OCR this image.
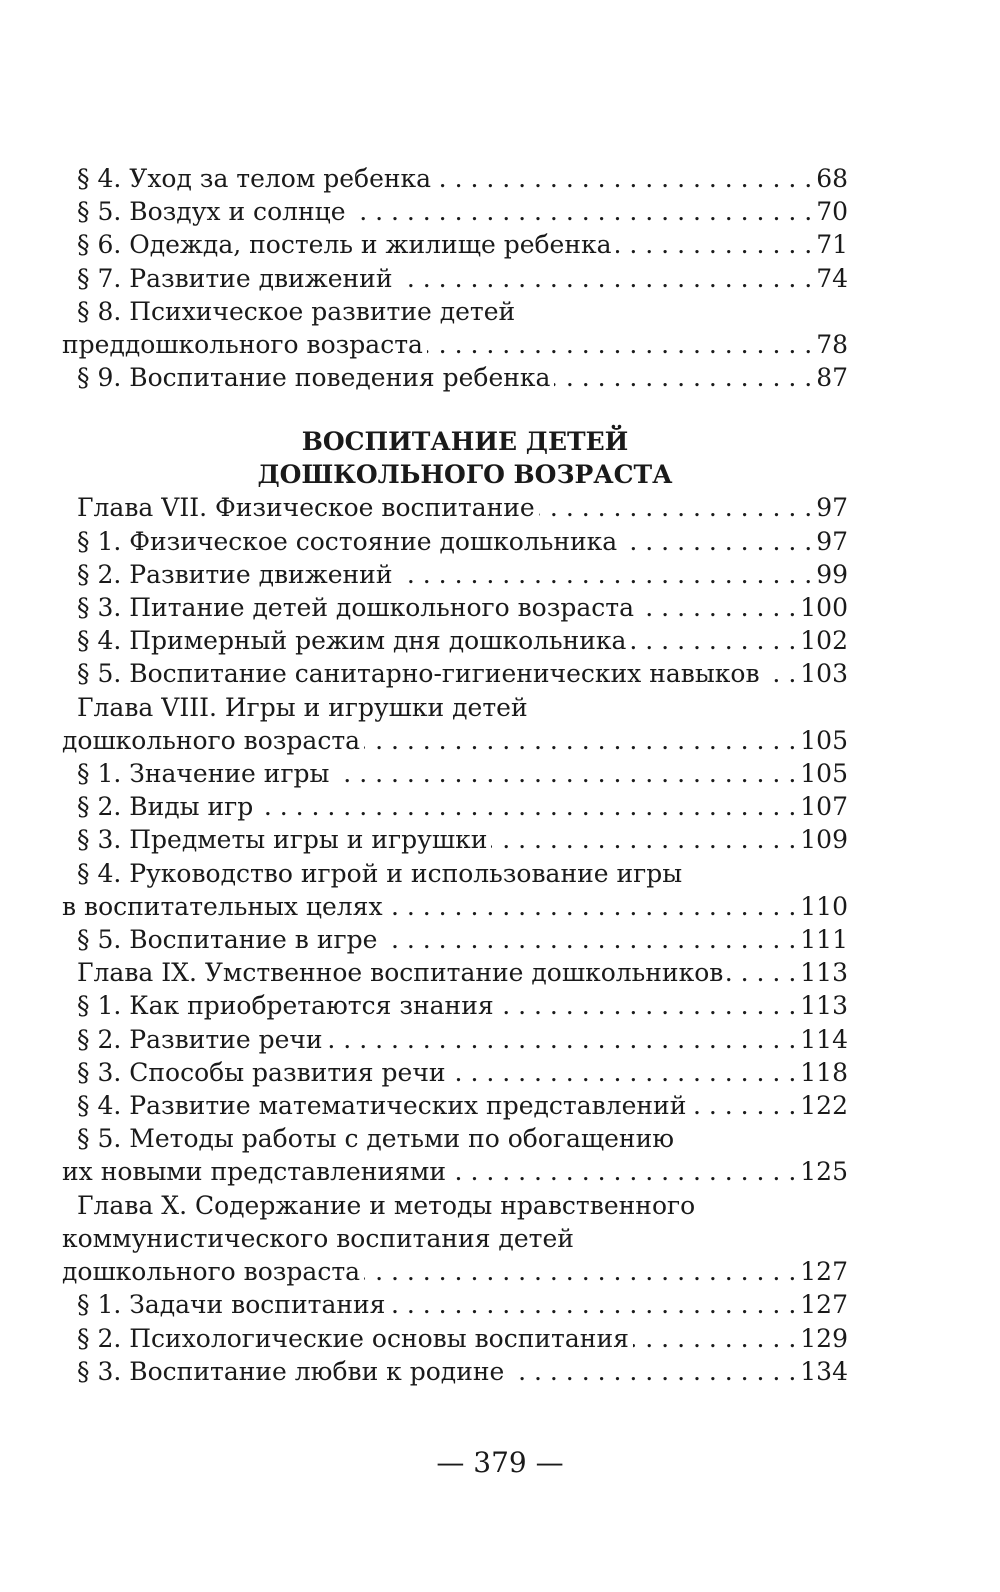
§ 4. Уход за телом ребенка . . .	68
§ 5. Воздух и солнце . . .	70
§ 6. Одежда, постель и жилище ребенка . . .	71
§ 7. Развитие движений . . .	74
§ 8. Психическое развитие детей
преддошкольного возраста . . .	78
§ 9. Воспитание поведения ребенка . . .	87
ВОСПИТАНИЕ ДЕТЕЙ
ДОШКОЛЬНОГО ВОЗРАСТА
Глава VII. Физическое воспитание . . .	97
§ 1. Физическое состояние дошкольника . . .	97
§ 2. Развитие движений . . .	99
§ 3. Питание детей дошкольного возраста . . .	100
§ 4. Примерный режим дня дошкольника . . .	102
§ 5. Воспитание санитарно-гигиенических навыков . . . 103
Глава VIII. Игры и игрушки детей
дошкольного возраста . . .	105
§ 1. Значение игры . . .	105
§ 2. Виды игр . . .	107
§ 3. Предметы игры и игрушки . . .	109
§ 4. Руководство игрой и использование игры
в воспитательных целях . . .	110
§ 5. Воспитание в игре . . .	111
Глава IX. Умственное воспитание дошкольников . . .	113
§ 1. Как приобретаются знания . . .	113
§ 2. Развитие речи . . .	114
§ 3. Способы развития речи . . .	118
§ 4. Развитие математических представлений . . .	122
§ 5. Методы работы с детьми по обогащению
их новыми представлениями . . .	125
Глава X. Содержание и методы нравственного
коммунистического воспитания детей
дошкольного возраста . . .	127
§ 1. Задачи воспитания . . .	127
§ 2. Психологические основы воспитания . . .	129
§ 3. Воспитание любви к родине . . .	134
— 379 —
